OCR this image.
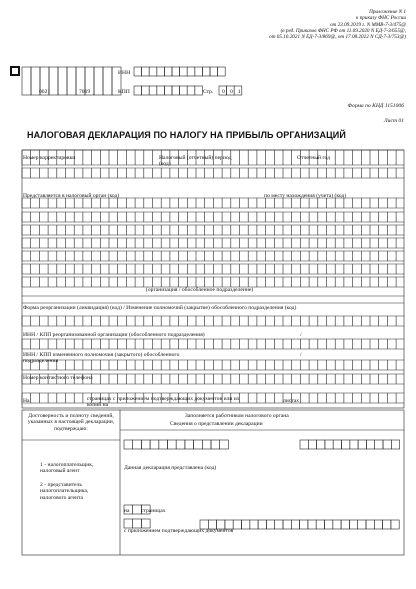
Приложение N 1
к приказу ФНС России
от 23.09.2019 г. N ММВ-7-3/475@
(в ред. Приказов ФНС РФ от 11.09.2020 N ЕД-7-3/655@,
от 05.10.2021 N ЕД-7-3/869@, от 17.08.2022 N СД-7-3/753@)
0021	7019
ИНН
КПП	Стр. 0 0 1
Форма по КНД 1151006
Лист 01
НАЛОГОВАЯ ДЕКЛАРАЦИЯ ПО НАЛОГУ НА ПРИБЫЛЬ ОРГАНИЗАЦИЙ
Номер корректировки	Налоговый (отчетный) период (код)
Отчетный год
Представляется в налоговый орган (код)	по месту нахождения (учета) (код)
(организация / обособленное подразделение)
Форма реорганизации (ликвидация) (код) / Изменение полномочий (закрытие) обособленного подразделения (код)
ИНН / КПП реорганизованной организации (обособленного подразделения)	/
ИНН / КПП измененного полномочия (закрытого) обособленного подразделения
/
Номер контактного телефона
На	страницах с приложением подтверждающих документов или их копий на
листах
Достоверность и полноту сведений, указанных в настоящей декларации, подтверждаю:
1 - налогоплательщик, налоговый агент
2 - представитель налогоплательщика, налогового агента
Заполняется работником налогового органа
Сведения о представлении декларации
Данная декларация представлена (код)
на страницах
с приложением подтверждающих документов
